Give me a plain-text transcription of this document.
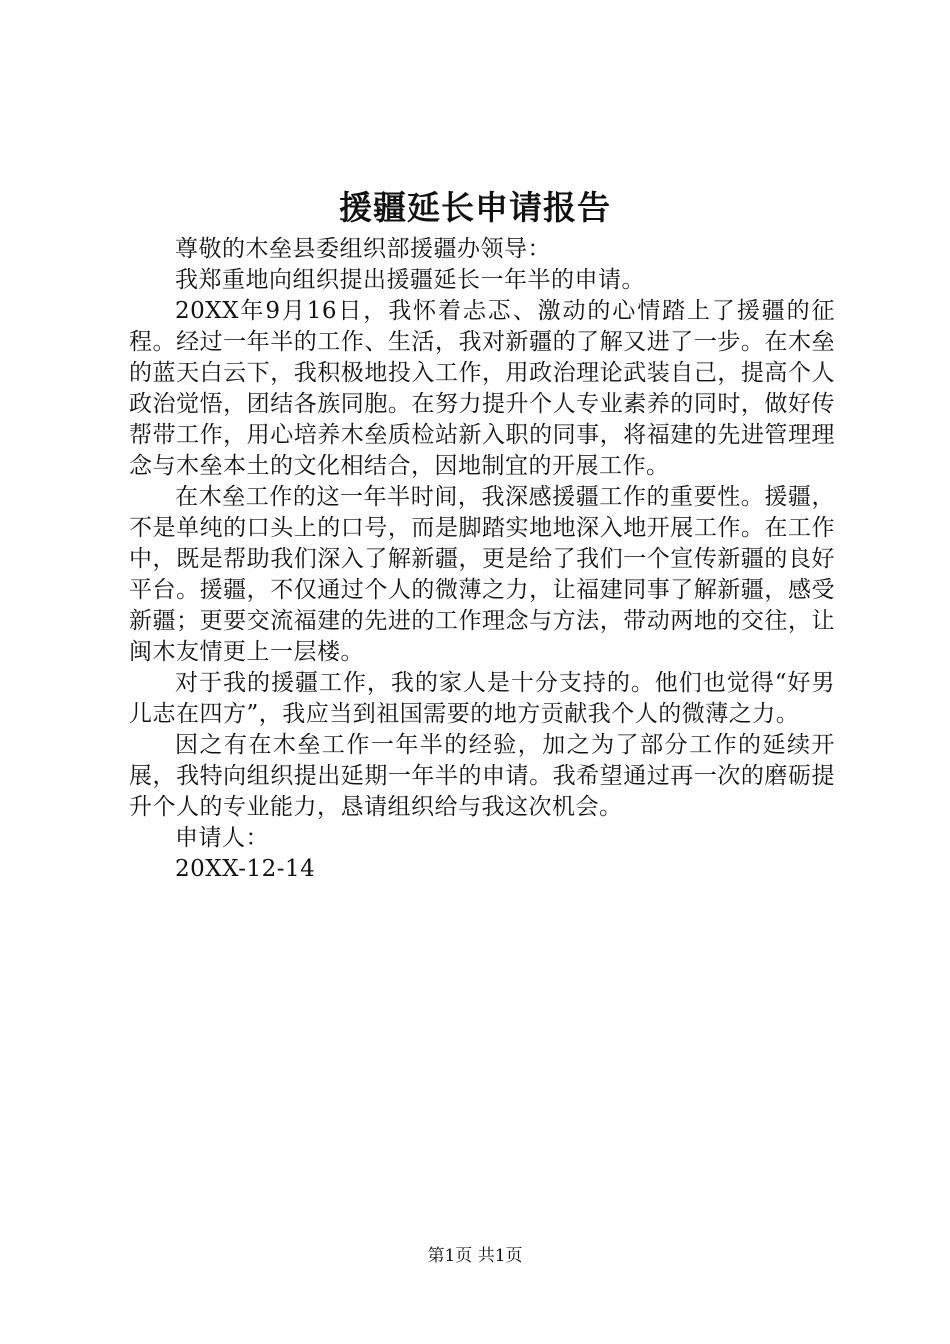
援疆延长申请报告

尊敬的木垒县委组织部援疆办领导：

我郑重地向组织提出援疆延长一年半的申请。

20XX年9月16日，我怀着忐忑、激动的心情踏上了援疆的征程。经过一年半的工作、生活，我对新疆的了解又进了一步。在木垒的蓝天白云下，我积极地投入工作，用政治理论武装自己，提高个人政治觉悟，团结各族同胞。在努力提升个人专业素养的同时，做好传帮带工作，用心培养木垒质检站新入职的同事，将福建的先进管理理念与木垒本土的文化相结合，因地制宜的开展工作。

在木垒工作的这一年半时间，我深感援疆工作的重要性。援疆，不是单纯的口头上的口号，而是脚踏实地地深入地开展工作。在工作中，既是帮助我们深入了解新疆，更是给了我们一个宣传新疆的良好平台。援疆，不仅通过个人的微薄之力，让福建同事了解新疆，感受新疆；更要交流福建的先进的工作理念与方法，带动两地的交往，让闽木友情更上一层楼。

对于我的援疆工作，我的家人是十分支持的。他们也觉得“好男儿志在四方”，我应当到祖国需要的地方贡献我个人的微薄之力。

因之有在木垒工作一年半的经验，加之为了部分工作的延续开展，我特向组织提出延期一年半的申请。我希望通过再一次的磨砺提升个人的专业能力，恳请组织给与我这次机会。

申请人：

20XX-12-14

第1页 共1页
